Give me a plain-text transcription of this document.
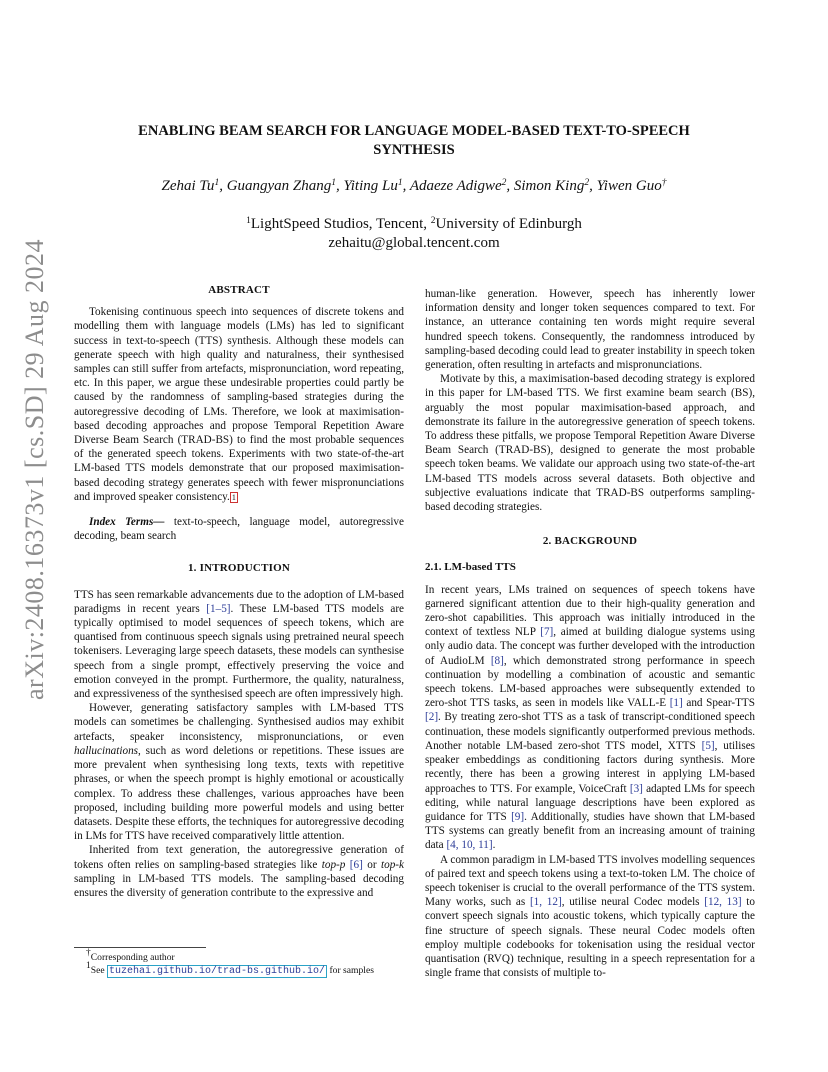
arXiv:2408.16373v1 [cs.SD] 29 Aug 2024
ENABLING BEAM SEARCH FOR LANGUAGE MODEL-BASED TEXT-TO-SPEECH
SYNTHESIS
Zehai Tu$^1$, Guangyan Zhang$^1$, Yiting Lu$^1$, Adaeze Adigwe$^2$, Simon King$^2$, Yiwen Guo†
$^1$LightSpeed Studios, Tencent, $^2$University of Edinburgh
zehaitu@global.tencent.com
ABSTRACT

Tokenising continuous speech into sequences of discrete tokens and modelling them with language models (LMs) has led to significant success in text-to-speech (TTS) synthesis. Although these models can generate speech with high quality and naturalness, their synthesised samples can still suffer from artefacts, mispronunciation, word repeating, etc. In this paper, we argue these undesirable properties could partly be caused by the randomness of sampling-based strategies during the autoregressive decoding of LMs. Therefore, we look at maximisation-based decoding approaches and propose Temporal Repetition Aware Diverse Beam Search (TRAD-BS) to find the most probable sequences of the generated speech tokens. Experiments with two state-of-the-art LM-based TTS models demonstrate that our proposed maximisation-based decoding strategy generates speech with fewer mispronunciations and improved speaker consistency. 1

Index Terms— text-to-speech, language model, autoregressive decoding, beam search

1. INTRODUCTION

TTS has seen remarkable advancements due to the adoption of LM-based paradigms in recent years [1–5]. These LM-based TTS models are typically optimised to model sequences of speech tokens, which are quantised from continuous speech signals using pretrained neural speech tokenisers. Leveraging large speech datasets, these models can synthesise speech from a single prompt, effectively preserving the voice and emotion conveyed in the prompt. Furthermore, the quality, naturalness, and expressiveness of the synthesised speech are often impressively high.

However, generating satisfactory samples with LM-based TTS models can sometimes be challenging. Synthesised audios may exhibit artefacts, speaker inconsistency, mispronunciations, or even hallucinations, such as word deletions or repetitions. These issues are more prevalent when synthesising long texts, texts with repetitive phrases, or when the speech prompt is highly emotional or acoustically complex. To address these challenges, various approaches have been proposed, including building more powerful models and using better datasets. Despite these efforts, the techniques for autoregressive decoding in LMs for TTS have received comparatively little attention.

Inherited from text generation, the autoregressive generation of tokens often relies on sampling-based strategies like top-p [6] or top-k sampling in LM-based TTS models. The sampling-based decoding ensures the diversity of generation contribute to the expressive and

human-like generation. However, speech has inherently lower information density and longer token sequences compared to text. For instance, an utterance containing ten words might require several hundred speech tokens. Consequently, the randomness introduced by sampling-based decoding could lead to greater instability in speech token generation, often resulting in artefacts and mispronunciations.

Motivate by this, a maximisation-based decoding strategy is explored in this paper for LM-based TTS. We first examine beam search (BS), arguably the most popular maximisation-based approach, and demonstrate its failure in the autoregressive generation of speech tokens. To address these pitfalls, we propose Temporal Repetition Aware Diverse Beam Search (TRAD-BS), designed to generate the most probable speech token beams. We validate our approach using two state-of-the-art LM-based TTS models across several datasets. Both objective and subjective evaluations indicate that TRAD-BS outperforms sampling-based decoding strategies.

2. BACKGROUND
2.1. LM-based TTS

In recent years, LMs trained on sequences of speech tokens have garnered significant attention due to their high-quality generation and zero-shot capabilities. This approach was initially introduced in the context of textless NLP [7], aimed at building dialogue systems using only audio data. The concept was further developed with the introduction of AudioLM [8], which demonstrated strong performance in speech continuation by modelling a combination of acoustic and semantic speech tokens. LM-based approaches were subsequently extended to zero-shot TTS tasks, as seen in models like VALL-E [1] and Spear-TTS [2]. By treating zero-shot TTS as a task of transcript-conditioned speech continuation, these models significantly outperformed previous methods. Another notable LM-based zero-shot TTS model, XTTS [5], utilises speaker embeddings as conditioning factors during synthesis. More recently, there has been a growing interest in applying LM-based approaches to TTS. For example, VoiceCraft [3] adapted LMs for speech editing, while natural language descriptions have been explored as guidance for TTS [9]. Additionally, studies have shown that LM-based TTS systems can greatly benefit from an increasing amount of training data [4, 10, 11].

A common paradigm in LM-based TTS involves modelling sequences of paired text and speech tokens using a text-to-token LM. The choice of speech tokeniser is crucial to the overall performance of the TTS system. Many works, such as [1, 12], utilise neural Codec models [12, 13] to convert speech signals into acoustic tokens, which typically capture the fine structure of speech signals. These neural Codec models often employ multiple codebooks for tokenisation using the residual vector quantisation (RVQ) technique, resulting in a speech representation for a single frame that consists of multiple to-

†Corresponding author
$^1$See tuzehai.github.io/trad-bs.github.io/ for samples
